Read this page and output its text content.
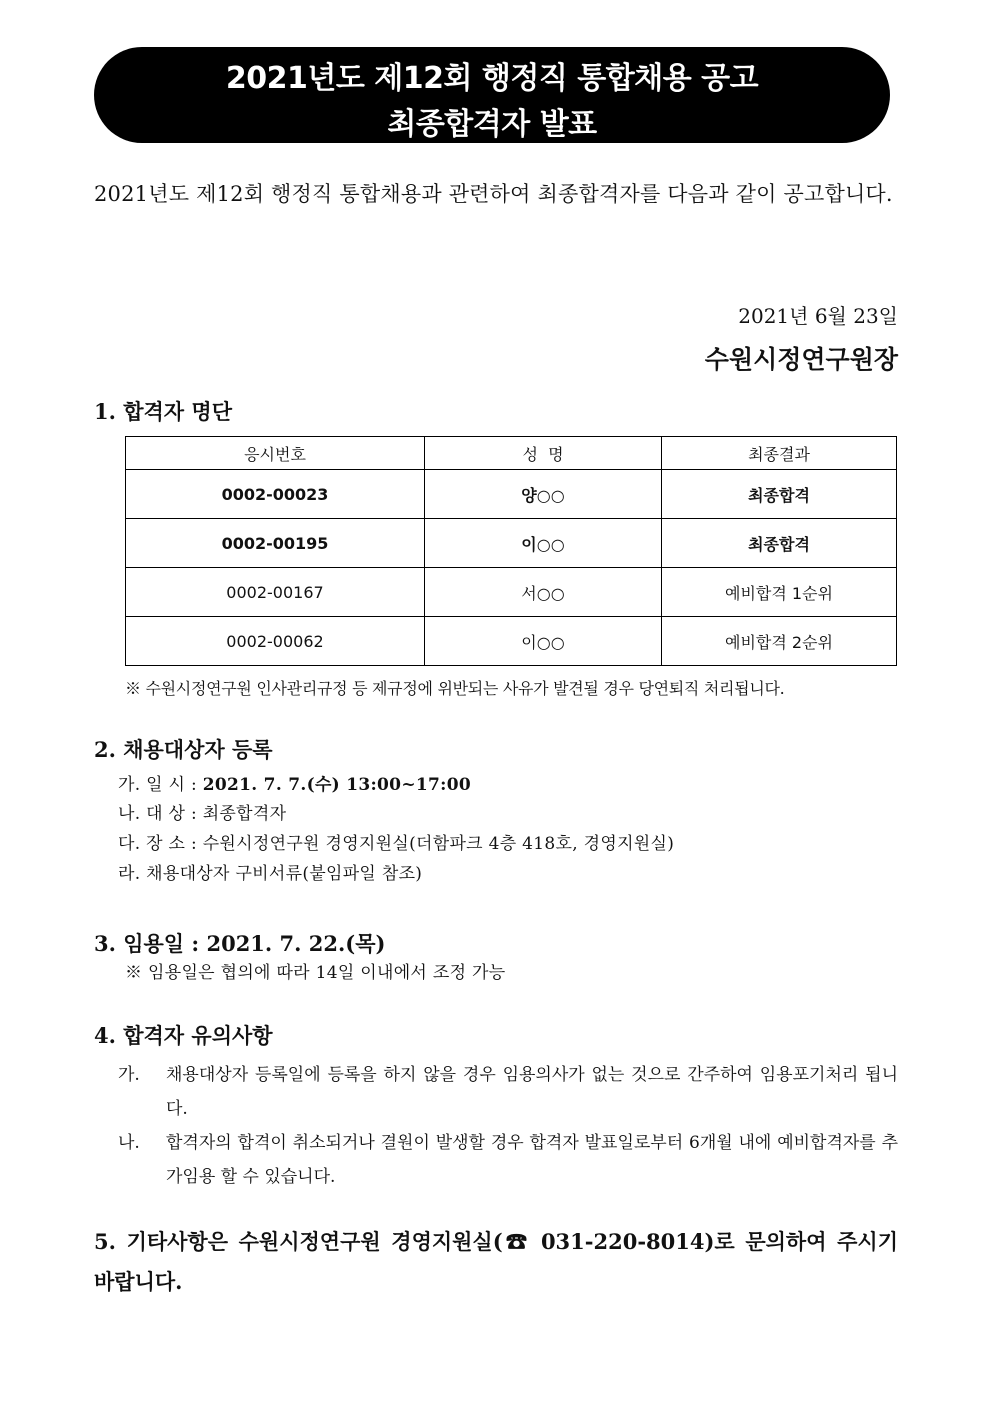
2021년도 제12회 행정직 통합채용 공고
최종합격자 발표
2021년도 제12회 행정직 통합채용과 관련하여 최종합격자를 다음과 같이 공고합니다.
2021년 6월 23일
수원시정연구원장
1. 합격자 명단
응시번호	성  명	최종결과
0002-00023	양○○	최종합격
0002-00195	이○○	최종합격
0002-00167	서○○	예비합격 1순위
0002-00062	이○○	예비합격 2순위
※ 수원시정연구원 인사관리규정 등 제규정에 위반되는 사유가 발견될 경우 당연퇴직 처리됩니다.
2. 채용대상자 등록
가. 일 시 : 2021. 7. 7.(수) 13:00~17:00
나. 대 상 : 최종합격자
다. 장 소 : 수원시정연구원 경영지원실(더함파크 4층 418호, 경영지원실)
라. 채용대상자 구비서류(붙임파일 참조)
3. 임용일 : 2021. 7. 22.(목)
※ 임용일은 협의에 따라 14일 이내에서 조정 가능
4. 합격자 유의사항
가.	채용대상자 등록일에 등록을 하지 않을 경우 임용의사가 없는 것으로 간주하여 임용포기처리 됩니다.
나.	합격자의 합격이 취소되거나 결원이 발생할 경우 합격자 발표일로부터 6개월 내에 예비합격자를 추가임용 할 수 있습니다.
5. 기타사항은 수원시정연구원 경영지원실(☎ 031-220-8014)로 문의하여 주시기 바랍니다.
